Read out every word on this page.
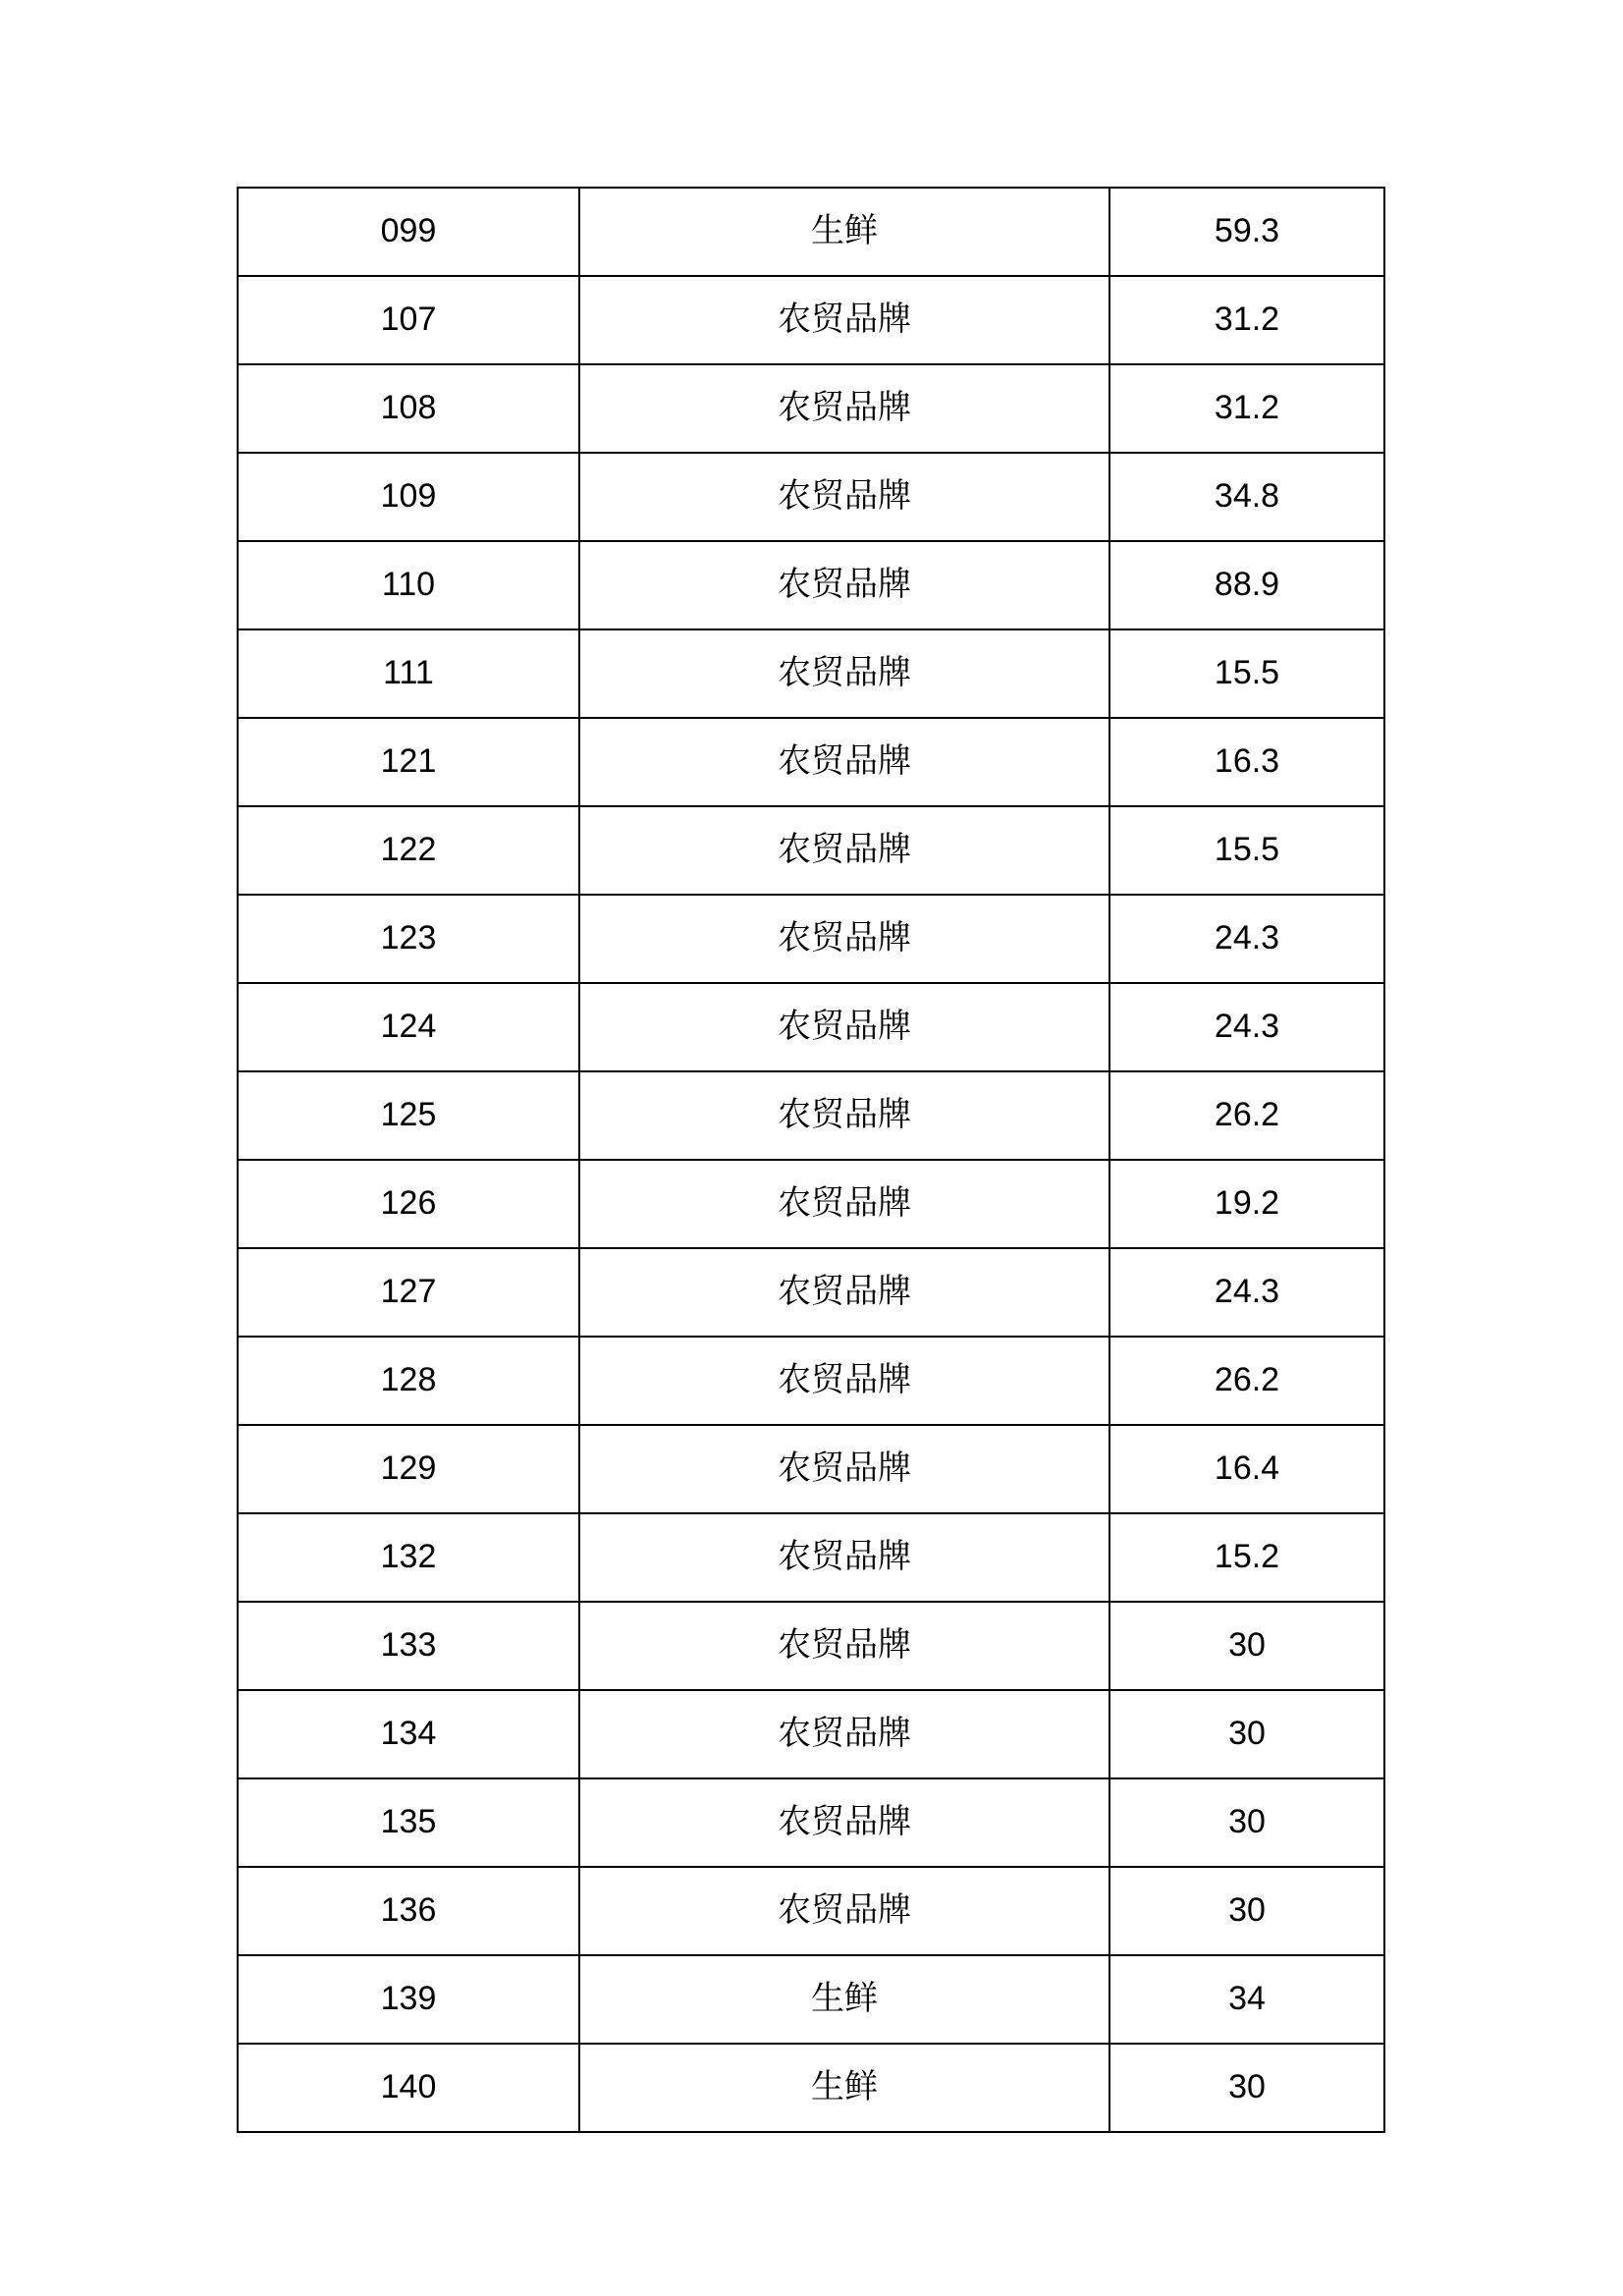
099	生鲜	59.3
107	农贸品牌	31.2
108	农贸品牌	31.2
109	农贸品牌	34.8
110	农贸品牌	88.9
111	农贸品牌	15.5
121	农贸品牌	16.3
122	农贸品牌	15.5
123	农贸品牌	24.3
124	农贸品牌	24.3
125	农贸品牌	26.2
126	农贸品牌	19.2
127	农贸品牌	24.3
128	农贸品牌	26.2
129	农贸品牌	16.4
132	农贸品牌	15.2
133	农贸品牌	30
134	农贸品牌	30
135	农贸品牌	30
136	农贸品牌	30
139	生鲜	34
140	生鲜	30
